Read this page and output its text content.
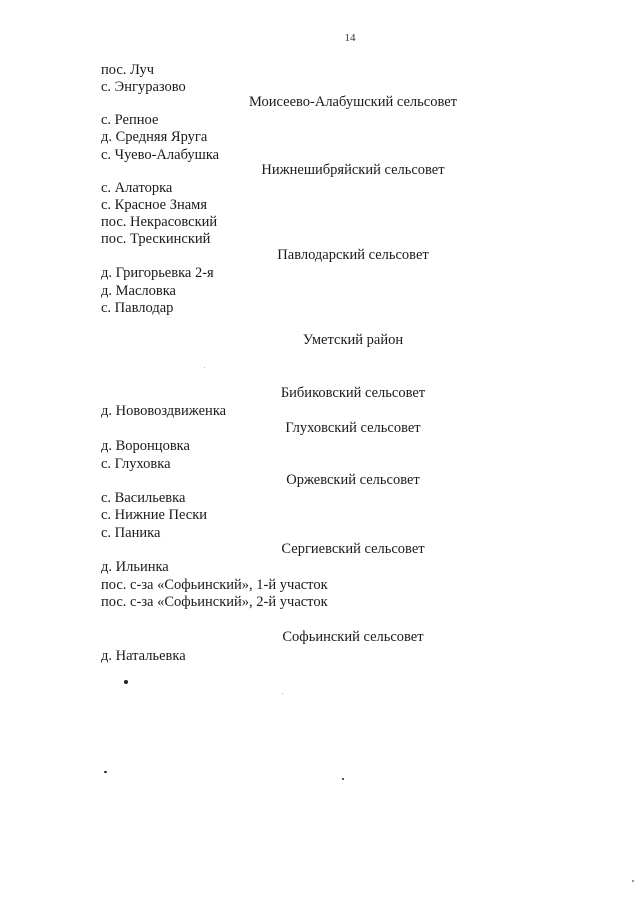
14
пос. Луч
с. Энгуразово
Моисеево-Алабушский сельсовет
с. Репное
д. Средняя Яруга
с. Чуево-Алабушка
Нижнешибряйский сельсовет
с. Алаторка
с. Красное Знамя
пос. Некрасовский
пос. Трескинский
Павлодарский сельсовет
д. Григорьевка 2-я
д. Масловка
с. Павлодар
Уметский район
Бибиковский сельсовет
д. Нововоздвиженка
Глуховский сельсовет
д. Воронцовка
с. Глуховка
Оржевский сельсовет
с. Васильевка
с. Нижние Пески
с. Паника
Сергиевский сельсовет
д. Ильинка
пос. с-за «Софьинский», 1-й участок
пос. с-за «Софьинский», 2-й участок
Софьинский сельсовет
д. Натальевка
